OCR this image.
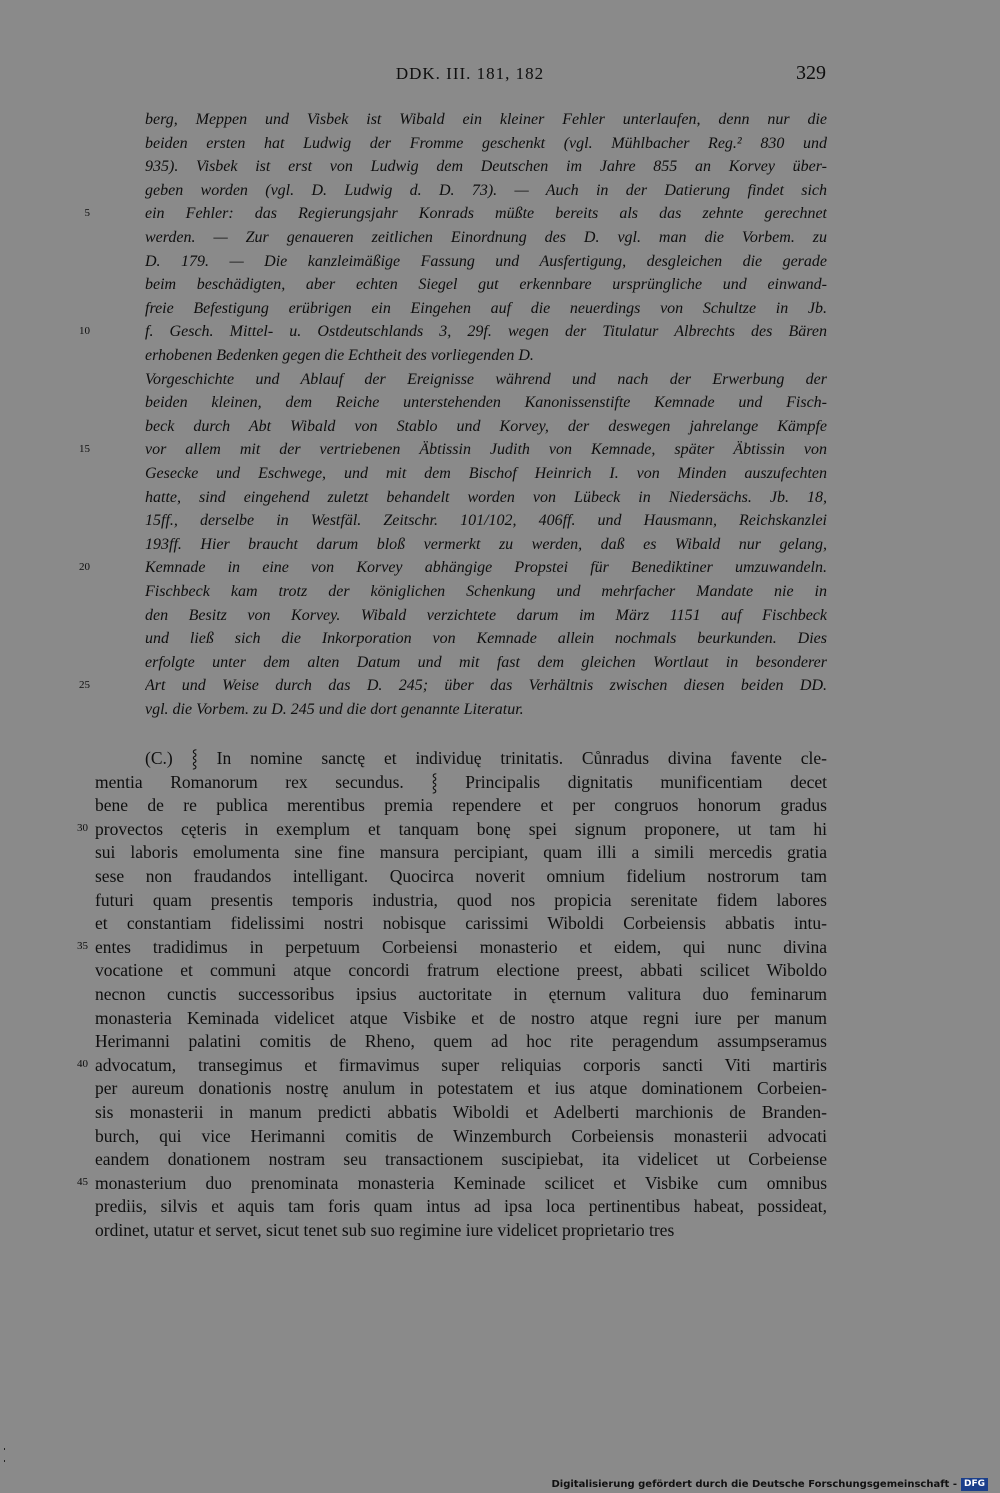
DDK. III. 181, 182	329
berg, Meppen und Visbek ist Wibald ein kleiner Fehler unterlaufen, denn nur die
beiden ersten hat Ludwig der Fromme geschenkt (vgl. Mühlbacher Reg.² 830 und
935). Visbek ist erst von Ludwig dem Deutschen im Jahre 855 an Korvey über-
geben worden (vgl. D. Ludwig d. D. 73). — Auch in der Datierung findet sich
ein Fehler: das Regierungsjahr Konrads müßte bereits als das zehnte gerechnet
5
werden. — Zur genaueren zeitlichen Einordnung des D. vgl. man die Vorbem. zu
D. 179. — Die kanzleimäßige Fassung und Ausfertigung, desgleichen die gerade
beim beschädigten, aber echten Siegel gut erkennbare ursprüngliche und einwand-
freie Befestigung erübrigen ein Eingehen auf die neuerdings von Schultze in Jb.
f. Gesch. Mittel- u. Ostdeutschlands 3, 29f. wegen der Titulatur Albrechts des Bären
10
erhobenen Bedenken gegen die Echtheit des vorliegenden D.
Vorgeschichte und Ablauf der Ereignisse während und nach der Erwerbung der
beiden kleinen, dem Reiche unterstehenden Kanonissenstifte Kemnade und Fisch-
beck durch Abt Wibald von Stablo und Korvey, der deswegen jahrelange Kämpfe
vor allem mit der vertriebenen Äbtissin Judith von Kemnade, später Äbtissin von
15
Gesecke und Eschwege, und mit dem Bischof Heinrich I. von Minden auszufechten
hatte, sind eingehend zuletzt behandelt worden von Lübeck in Niedersächs. Jb. 18,
15ff., derselbe in Westfäl. Zeitschr. 101/102, 406ff. und Hausmann, Reichskanzlei
193ff. Hier braucht darum bloß vermerkt zu werden, daß es Wibald nur gelang,
Kemnade in eine von Korvey abhängige Propstei für Benediktiner umzuwandeln.
20
Fischbeck kam trotz der königlichen Schenkung und mehrfacher Mandate nie in
den Besitz von Korvey. Wibald verzichtete darum im März 1151 auf Fischbeck
und ließ sich die Inkorporation von Kemnade allein nochmals beurkunden. Dies
erfolgte unter dem alten Datum und mit fast dem gleichen Wortlaut in besonderer
Art und Weise durch das D. 245; über das Verhältnis zwischen diesen beiden DD.
25
vgl. die Vorbem. zu D. 245 und die dort genannte Literatur.
(C.) ⸾ In nomine sanctę et individuę trinitatis. Cůnradus divina favente cle-
mentia Romanorum rex secundus. ⸾ Principalis dignitatis munificentiam decet
bene de re publica merentibus premia rependere et per congruos honorum gradus
provectos cęteris in exemplum et tanquam bonę spei signum proponere, ut tam hi
30
sui laboris emolumenta sine fine mansura percipiant, quam illi a simili mercedis gratia
sese non fraudandos intelligant. Quocirca noverit omnium fidelium nostrorum tam
futuri quam presentis temporis industria, quod nos propicia serenitate fidem labores
et constantiam fidelissimi nostri nobisque carissimi Wiboldi Corbeiensis abbatis intu-
entes tradidimus in perpetuum Corbeiensi monasterio et eidem, qui nunc divina
35
vocatione et communi atque concordi fratrum electione preest, abbati scilicet Wiboldo
necnon cunctis successoribus ipsius auctoritate in ęternum valitura duo feminarum
monasteria Keminada videlicet atque Visbike et de nostro atque regni iure per manum
Herimanni palatini comitis de Rheno, quem ad hoc rite peragendum assumpseramus
advocatum, transegimus et firmavimus super reliquias corporis sancti Viti martiris
40
per aureum donationis nostrę anulum in potestatem et ius atque dominationem Corbeien-
sis monasterii in manum predicti abbatis Wiboldi et Adelberti marchionis de Branden-
burch, qui vice Herimanni comitis de Winzemburch Corbeiensis monasterii advocati
eandem donationem nostram seu transactionem suscipiebat, ita videlicet ut Corbeiense
monasterium duo prenominata monasteria Keminade scilicet et Visbike cum omnibus
45
prediis, silvis et aquis tam foris quam intus ad ipsa loca pertinentibus habeat, possideat,
ordinet, utatur et servet, sicut tenet sub suo regimine iure videlicet proprietario tres
Digitalisierung gefördert durch die Deutsche Forschungsgemeinschaft - DFG
